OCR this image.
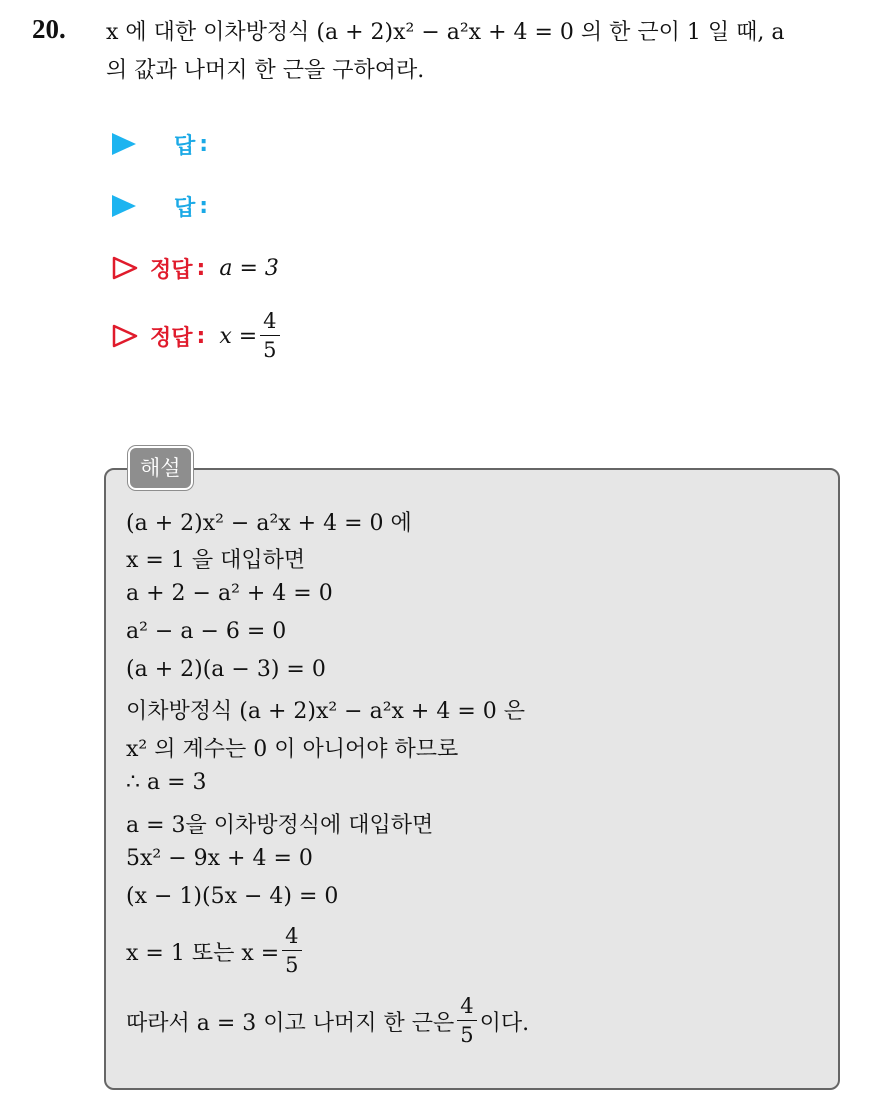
20. x 에 대한 이차방정식 (a + 2)x² − a²x + 4 = 0 의 한 근이 1 일 때, a
의 값과 나머지 한 근을 구하여라.
답 :
답 :
정답 : a = 3
정답 : $x = \frac{4}{5}$
해설
(a + 2)x² − a²x + 4 = 0 에
x = 1 을 대입하면
a + 2 − a² + 4 = 0
a² − a − 6 = 0
(a + 2)(a − 3) = 0
이차방정식 (a + 2)x² − a²x + 4 = 0 은
x² 의 계수는 0 이 아니어야 하므로
∴ a = 3
a = 3을 이차방정식에 대입하면
5x² − 9x + 4 = 0
(x − 1)(5x − 4) = 0
x = 1 또는 $x = \frac{4}{5}$
따라서 a = 3 이고 나머지 한 근은 $\frac{4}{5}$ 이다.
